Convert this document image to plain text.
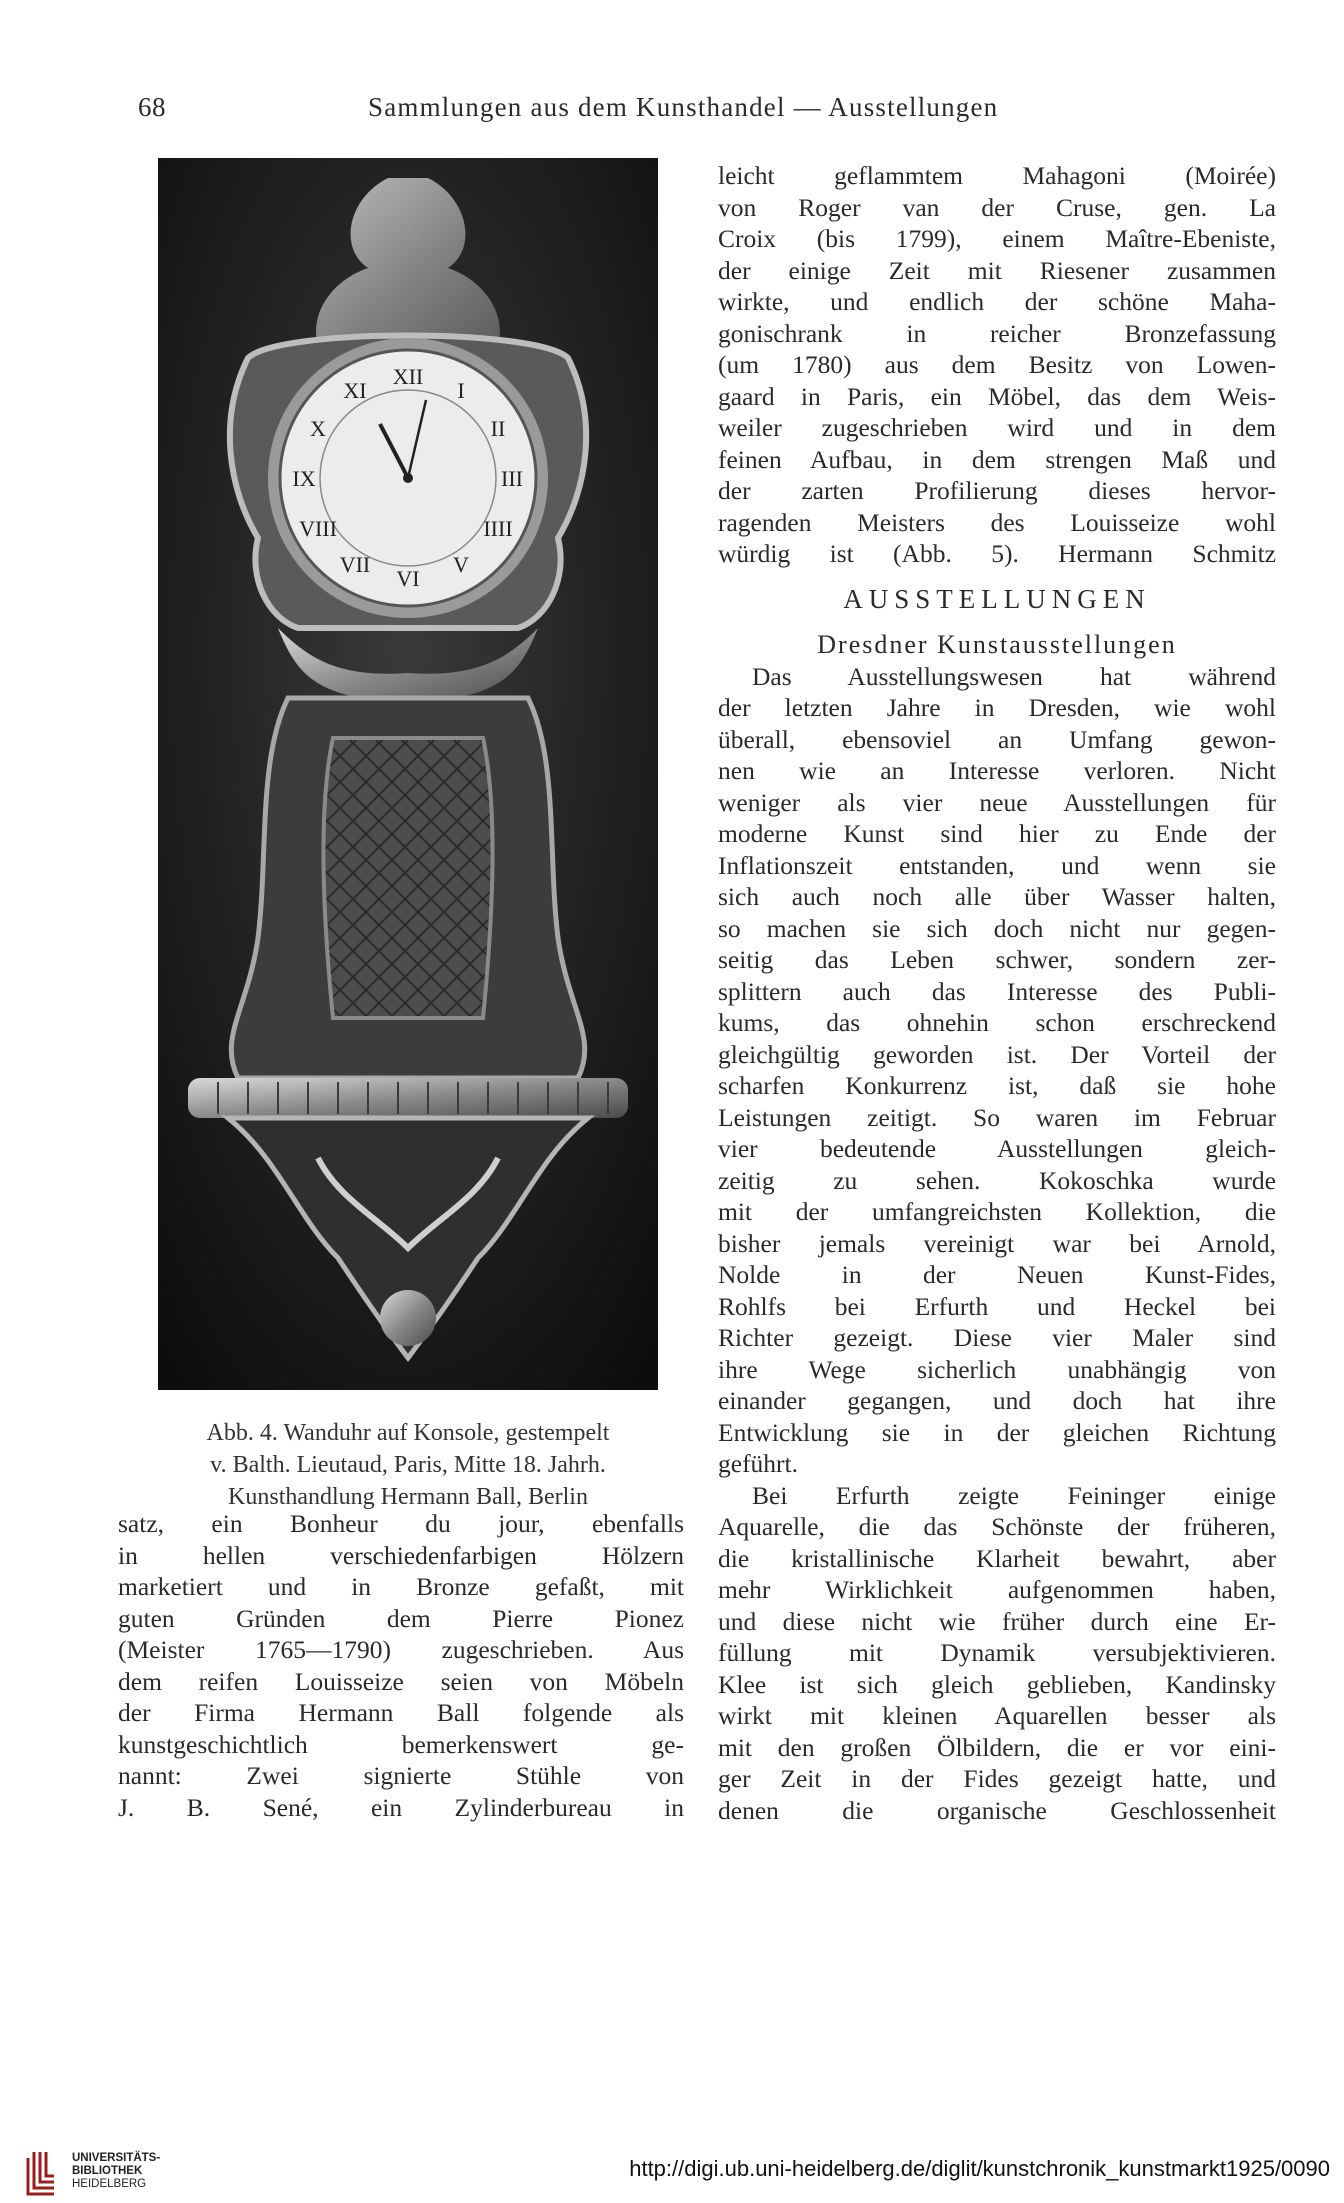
68	Sammlungen aus dem Kunsthandel — Ausstellungen
XII
I
II
III
IIII
V
VI
VII
VIII
IX
X
XI
Abb. 4. Wanduhr auf Konsole, gestempelt
v. Balth. Lieutaud, Paris, Mitte 18. Jahrh.
Kunsthandlung Hermann Ball, Berlin
leicht geflammtem Mahagoni (Moirée)
von Roger van der Cruse, gen. La
Croix (bis 1799), einem Maître-Ebeniste,
der einige Zeit mit Riesener zusammen
wirkte, und endlich der schöne Maha-
gonischrank in reicher Bronzefassung
(um 1780) aus dem Besitz von Lowen-
gaard in Paris, ein Möbel, das dem Weis-
weiler zugeschrieben wird und in dem
feinen Aufbau, in dem strengen Maß und
der zarten Profilierung dieses hervor-
ragenden Meisters des Louisseize wohl
würdig ist (Abb. 5). Hermann Schmitz
AUSSTELLUNGEN
Dresdner Kunstausstellungen
Das Ausstellungswesen hat während
der letzten Jahre in Dresden, wie wohl
überall, ebensoviel an Umfang gewon-
nen wie an Interesse verloren. Nicht
weniger als vier neue Ausstellungen für
moderne Kunst sind hier zu Ende der
Inflationszeit entstanden, und wenn sie
sich auch noch alle über Wasser halten,
so machen sie sich doch nicht nur gegen-
seitig das Leben schwer, sondern zer-
splittern auch das Interesse des Publi-
kums, das ohnehin schon erschreckend
gleichgültig geworden ist. Der Vorteil der
scharfen Konkurrenz ist, daß sie hohe
Leistungen zeitigt. So waren im Februar
vier bedeutende Ausstellungen gleich-
zeitig zu sehen. Kokoschka wurde
mit der umfangreichsten Kollektion, die
bisher jemals vereinigt war bei Arnold,
Nolde in der Neuen Kunst-Fides,
Rohlfs bei Erfurth und Heckel bei
Richter gezeigt. Diese vier Maler sind
ihre Wege sicherlich unabhängig von
einander gegangen, und doch hat ihre
Entwicklung sie in der gleichen Richtung
geführt.
Bei Erfurth zeigte Feininger einige
Aquarelle, die das Schönste der früheren,
die kristallinische Klarheit bewahrt, aber
mehr Wirklichkeit aufgenommen haben,
und diese nicht wie früher durch eine Er-
füllung mit Dynamik versubjektivieren.
Klee ist sich gleich geblieben, Kandinsky
wirkt mit kleinen Aquarellen besser als
mit den großen Ölbildern, die er vor eini-
ger Zeit in der Fides gezeigt hatte, und
denen die organische Geschlossenheit
satz, ein Bonheur du jour, ebenfalls
in hellen verschiedenfarbigen Hölzern
marketiert und in Bronze gefaßt, mit
guten Gründen dem Pierre Pionez
(Meister 1765—1790) zugeschrieben. Aus
dem reifen Louisseize seien von Möbeln
der Firma Hermann Ball folgende als
kunstgeschichtlich bemerkenswert ge-
nannt: Zwei signierte Stühle von
J. B. Sené, ein Zylinderbureau in
UNIVERSITÄTS-
BIBLIOTHEK
HEIDELBERG
http://digi.ub.uni-heidelberg.de/diglit/kunstchronik_kunstmarkt1925/0090
